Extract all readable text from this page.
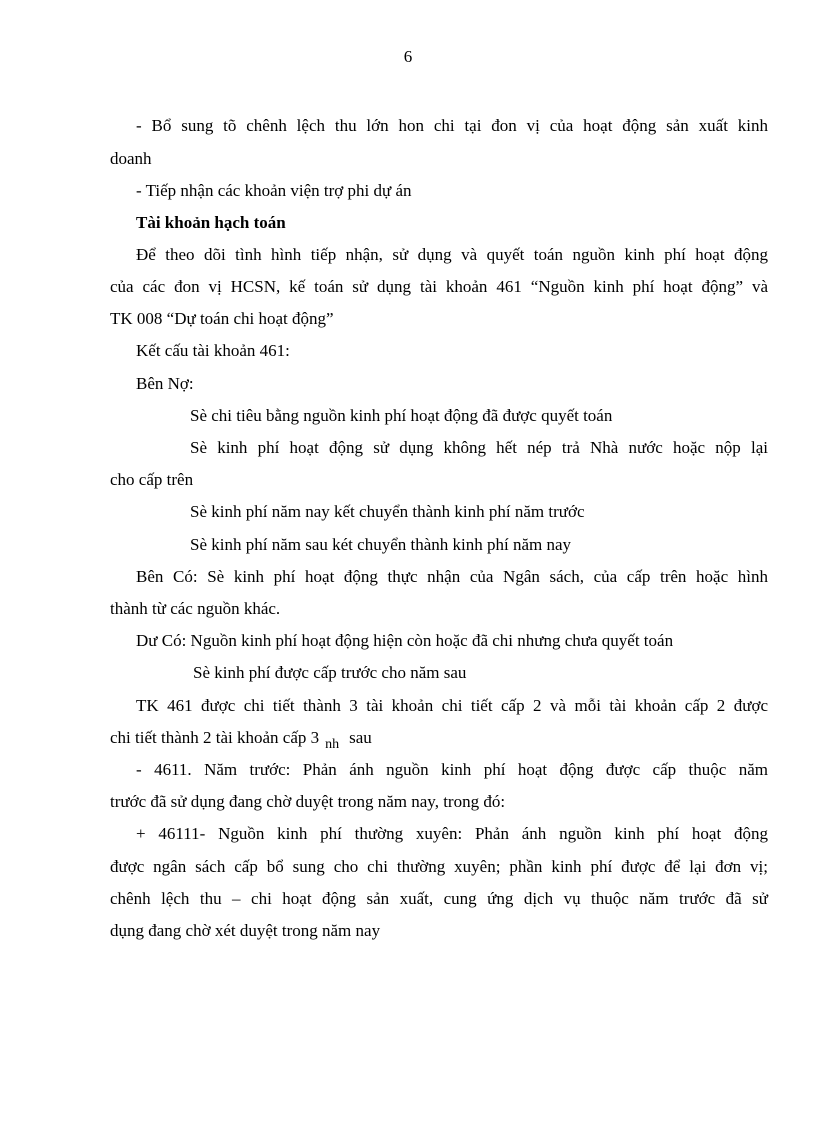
6
- Bổ sung tõ chênh lệch thu lớn hon chi tại đon vị của hoạt động sản xuất kinh
doanh
- Tiếp nhận các khoản viện trợ phi dự án
Tài khoản hạch toán
Để theo dõi tình hình tiếp nhận, sử dụng và quyết toán nguồn kinh phí hoạt động
của các đon vị HCSN, kế toán sử dụng tài khoản 461 “Nguồn kinh phí hoạt động” và
TK 008 “Dự toán chi hoạt động”
Kết cấu tài khoản 461:
Bên Nợ:
Sè chi tiêu bằng nguồn kinh phí hoạt động đã được quyết toán
Sè kinh phí hoạt động sử dụng không hết nép trả Nhà nước hoặc nộp lại
cho cấp trên
Sè kinh phí năm nay kết chuyển thành kinh phí năm trước
Sè kinh phí năm sau két chuyển thành kinh phí năm nay
Bên Có: Sè kinh phí hoạt động thực nhận của Ngân sách, của cấp trên hoặc hình
thành từ các nguồn khác.
Dư Có: Nguồn kinh phí hoạt động hiện còn hoặc đã chi nhưng chưa quyết toán
Sè kinh phí được cấp trước cho năm sau
TK 461 được chi tiết thành 3 tài khoản chi tiết cấp 2 và mỗi tài khoản cấp 2 được
chi tiết thành 2 tài khoản cấp 3 $_{nh}$ sau
- 4611. Năm trước: Phản ánh nguồn kinh phí hoạt động được cấp thuộc năm
trước đã sử dụng đang chờ duyệt trong năm nay, trong đó:
+ 46111- Nguồn kinh phí thường xuyên: Phản ánh nguồn kinh phí hoạt động
được ngân sách cấp bổ sung cho chi thường xuyên; phần kinh phí được để lại đơn vị;
chênh lệch thu – chi hoạt động sản xuất, cung ứng dịch vụ thuộc năm trước đã sử
dụng đang chờ xét duyệt trong năm nay
